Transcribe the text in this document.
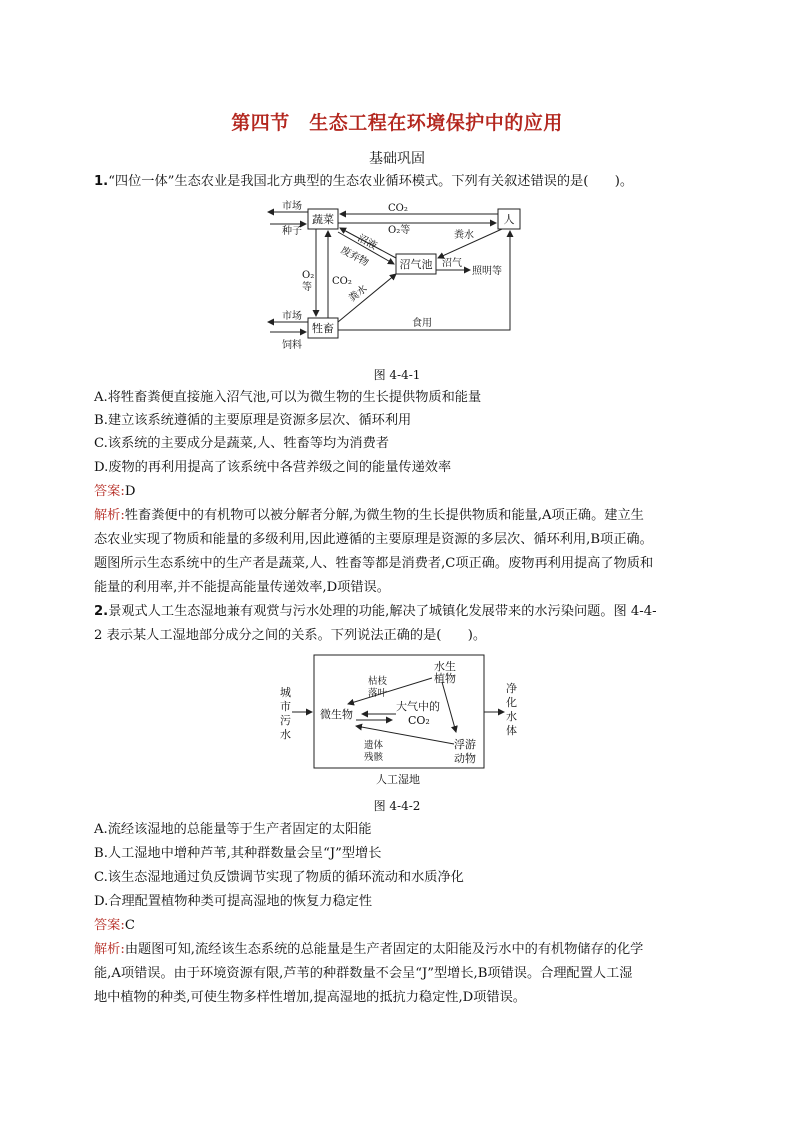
第四节　生态工程在环境保护中的应用
基础巩固
1.“四位一体”生态农业是我国北方典型的生态农业循环模式。下列有关叙述错误的是(　　)。
蔬菜	人
沼气池
牲畜
市场
种子
CO₂
O₂等
沼液
废弃物
粪水
沼气
照明等
O₂
等
CO₂
粪水
市场
饲料
食用
图 4-4-1
A.将牲畜粪便直接施入沼气池,可以为微生物的生长提供物质和能量
B.建立该系统遵循的主要原理是资源多层次、循环利用
C.该系统的主要成分是蔬菜,人、牲畜等均为消费者
D.废物的再利用提高了该系统中各营养级之间的能量传递效率
答案:D
解析:牲畜粪便中的有机物可以被分解者分解,为微生物的生长提供物质和能量,A项正确。建立生
态农业实现了物质和能量的多级利用,因此遵循的主要原理是资源的多层次、循环利用,B项正确。
题图所示生态系统中的生产者是蔬菜,人、牲畜等都是消费者,C项正确。废物再利用提高了物质和
能量的利用率,并不能提高能量传递效率,D项错误。
2.景观式人工生态湿地兼有观赏与污水处理的功能,解决了城镇化发展带来的水污染问题。图 4-4-
2 表示某人工湿地部分成分之间的关系。下列说法正确的是(　　)。
城
市
污
水
净
化
水
体
水生
植物
枯枝
落叶
微生物
大气中的
CO₂
浮游
动物
遗体
残骸
人工湿地
图 4-4-2
A.流经该湿地的总能量等于生产者固定的太阳能
B.人工湿地中增种芦苇,其种群数量会呈“J”型增长
C.该生态湿地通过负反馈调节实现了物质的循环流动和水质净化
D.合理配置植物种类可提高湿地的恢复力稳定性
答案:C
解析:由题图可知,流经该生态系统的总能量是生产者固定的太阳能及污水中的有机物储存的化学
能,A项错误。由于环境资源有限,芦苇的种群数量不会呈“J”型增长,B项错误。合理配置人工湿
地中植物的种类,可使生物多样性增加,提高湿地的抵抗力稳定性,D项错误。
